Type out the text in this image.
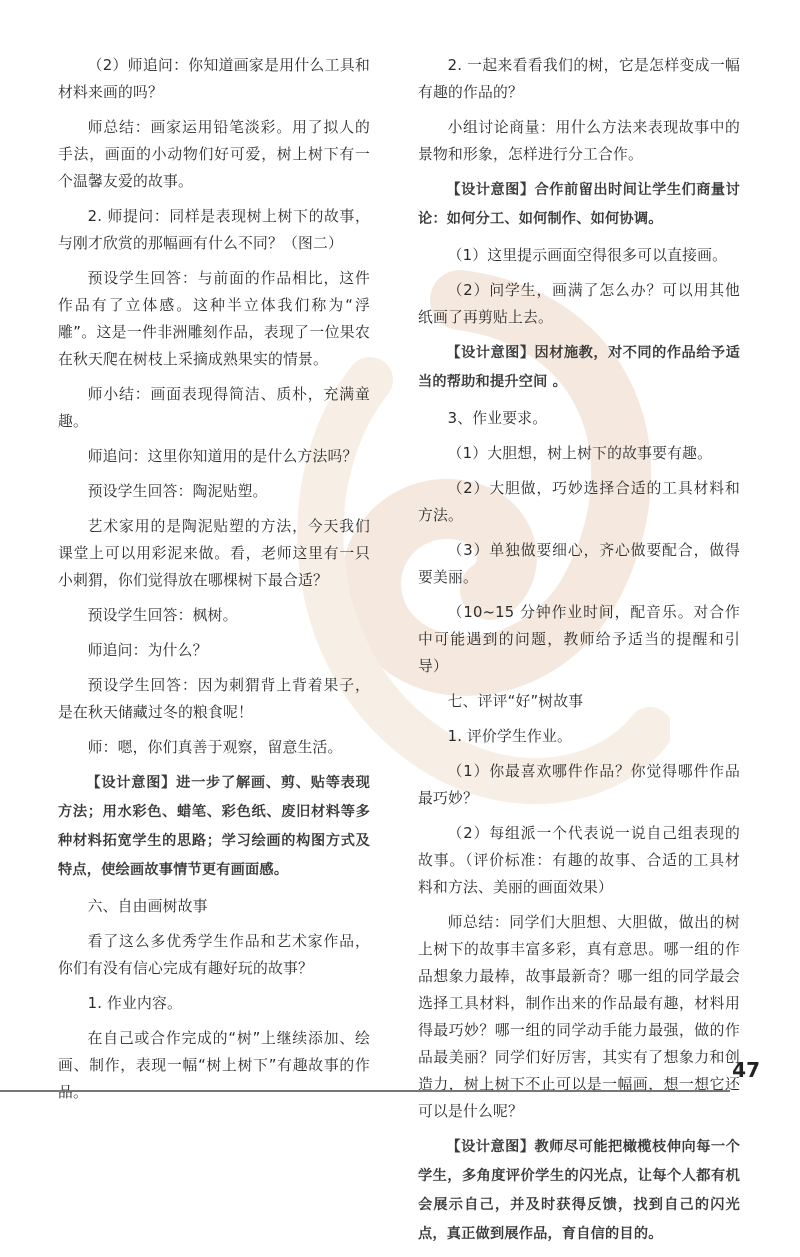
（2）师追问：你知道画家是用什么工具和材料来画的吗？

师总结：画家运用铅笔淡彩。用了拟人的手法，画面的小动物们好可爱，树上树下有一个温馨友爱的故事。

2. 师提问：同样是表现树上树下的故事，与刚才欣赏的那幅画有什么不同？（图二）

预设学生回答：与前面的作品相比，这件作品有了立体感。这种半立体我们称为“浮雕”。这是一件非洲雕刻作品，表现了一位果农在秋天爬在树枝上采摘成熟果实的情景。

师小结：画面表现得简洁、质朴，充满童趣。

师追问：这里你知道用的是什么方法吗？

预设学生回答：陶泥贴塑。

艺术家用的是陶泥贴塑的方法，今天我们课堂上可以用彩泥来做。看，老师这里有一只小刺猬，你们觉得放在哪棵树下最合适？

预设学生回答：枫树。

师追问：为什么？

预设学生回答：因为刺猬背上背着果子，是在秋天储藏过冬的粮食呢！

师：嗯，你们真善于观察，留意生活。

【设计意图】进一步了解画、剪、贴等表现方法；用水彩色、蜡笔、彩色纸、废旧材料等多种材料拓宽学生的思路；学习绘画的构图方式及特点，使绘画故事情节更有画面感。

六、自由画树故事

看了这么多优秀学生作品和艺术家作品，你们有没有信心完成有趣好玩的故事？

1. 作业内容。

在自己或合作完成的“树”上继续添加、绘画、制作，表现一幅“树上树下”有趣故事的作品。

2. 一起来看看我们的树，它是怎样变成一幅有趣的作品的？

小组讨论商量：用什么方法来表现故事中的景物和形象，怎样进行分工合作。

【设计意图】合作前留出时间让学生们商量讨论：如何分工、如何制作、如何协调。

（1）这里提示画面空得很多可以直接画。

（2）问学生，画满了怎么办？可以用其他纸画了再剪贴上去。

【设计意图】因材施教，对不同的作品给予适当的帮助和提升空间 。

3、作业要求。

（1）大胆想，树上树下的故事要有趣。

（2）大胆做，巧妙选择合适的工具材料和方法。

（3）单独做要细心，齐心做要配合，做得要美丽。

（10~15 分钟作业时间，配音乐。对合作中可能遇到的问题，教师给予适当的提醒和引导）

七、评评“好”树故事

1. 评价学生作业。

（1）你最喜欢哪件作品？你觉得哪件作品最巧妙？

（2）每组派一个代表说一说自己组表现的故事。（评价标准：有趣的故事、合适的工具材料和方法、美丽的画面效果）

师总结：同学们大胆想、大胆做，做出的树上树下的故事丰富多彩，真有意思。哪一组的作品想象力最棒，故事最新奇？哪一组的同学最会选择工具材料，制作出来的作品最有趣，材料用得最巧妙？哪一组的同学动手能力最强，做的作品最美丽？同学们好厉害，其实有了想象力和创造力，树上树下不止可以是一幅画，想一想它还可以是什么呢？

【设计意图】教师尽可能把橄榄枝伸向每一个学生，多角度评价学生的闪光点，让每个人都有机会展示自己，并及时获得反馈，找到自己的闪光点，真正做到展作品，育自信的目的。

47
